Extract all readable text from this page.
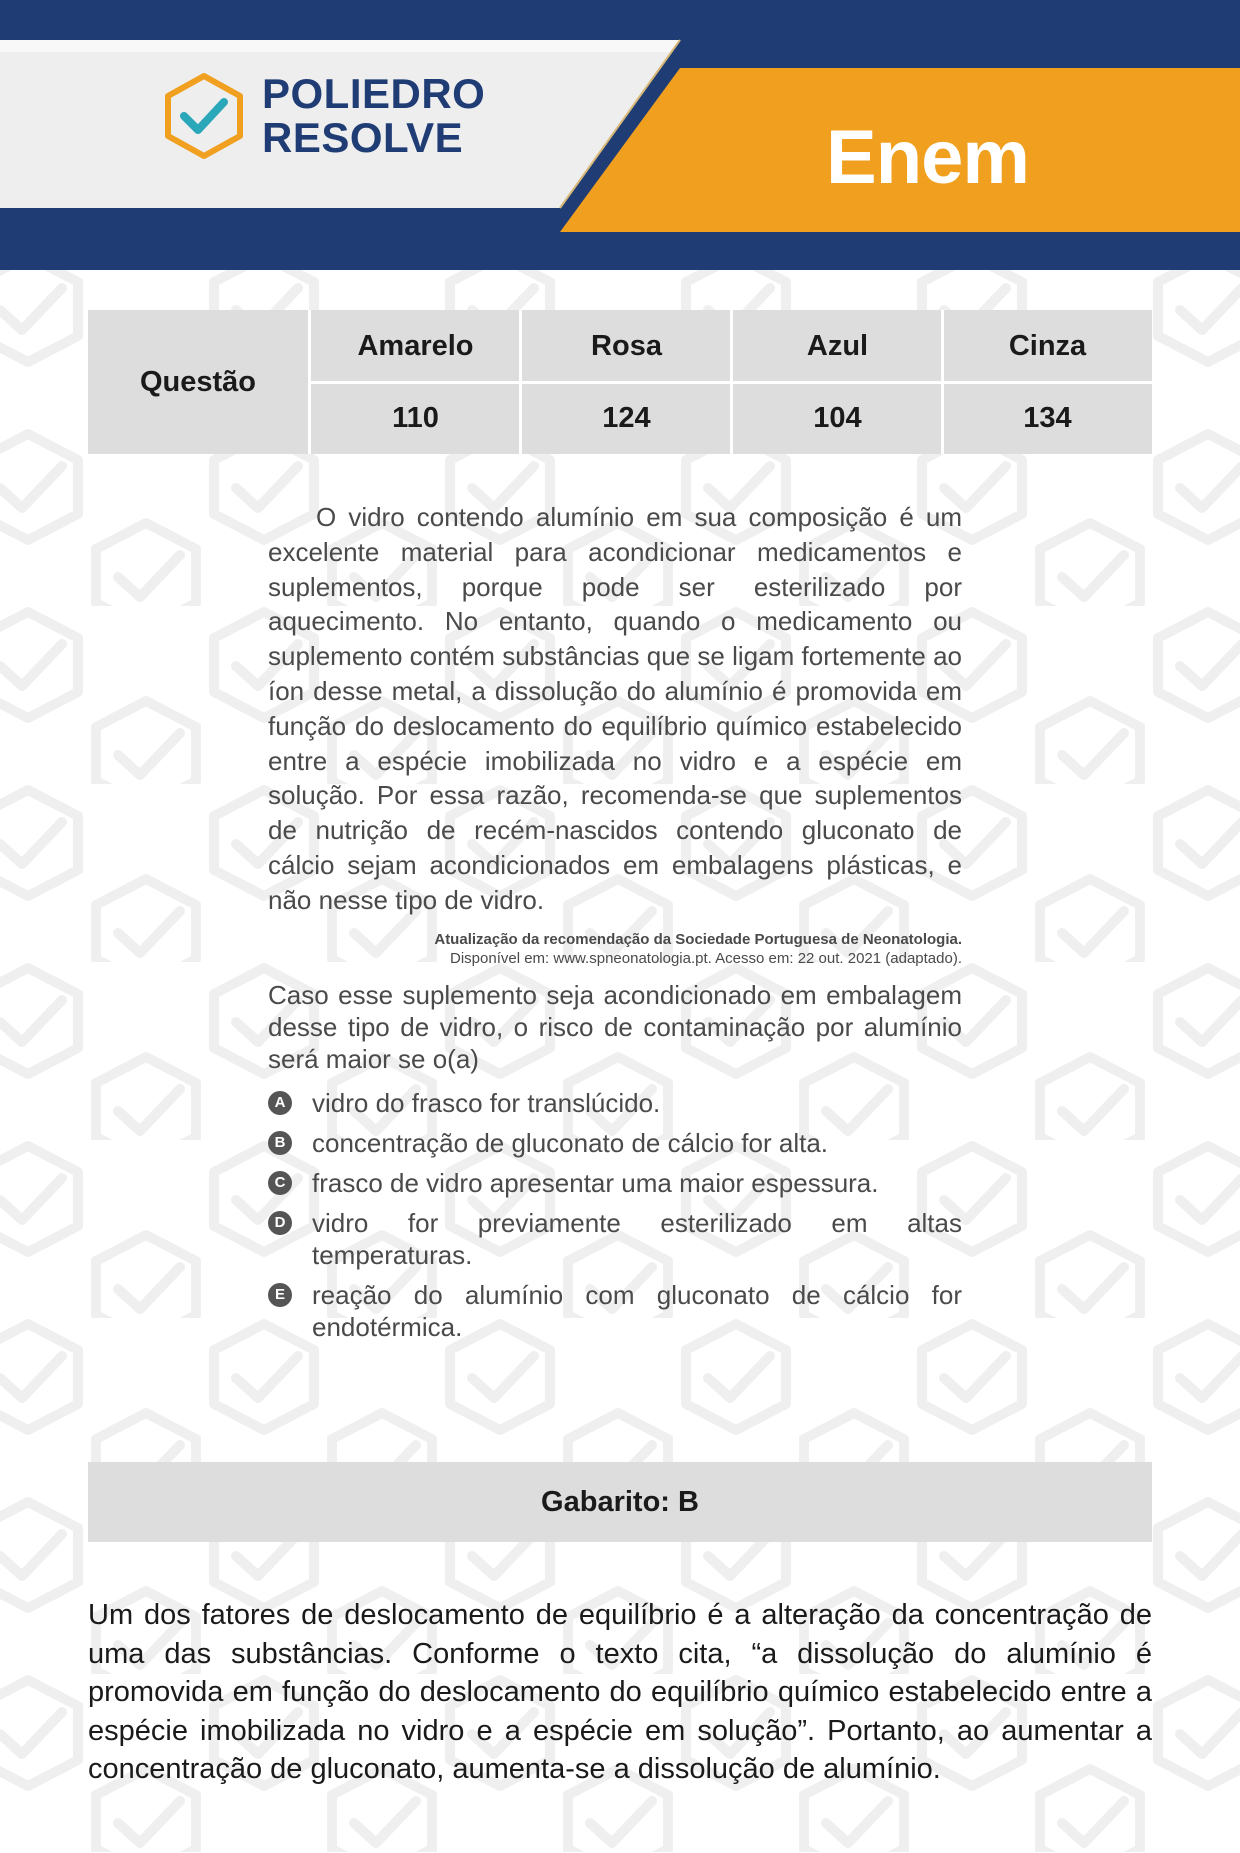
POLIEDRO
RESOLVE	Enem
Questão
Amarelo	Rosa	Azul	Cinza
110	124	104	134

O vidro contendo alumínio em sua composição é um excelente material para acondicionar medicamentos e suplementos, porque pode ser esterilizado por aquecimento. No entanto, quando o medicamento ou suplemento contém substâncias que se ligam fortemente ao íon desse metal, a dissolução do alumínio é promovida em função do deslocamento do equilíbrio químico estabelecido entre a espécie imobilizada no vidro e a espécie em solução. Por essa razão, recomenda-se que suplementos de nutrição de recém-nascidos contendo gluconato de cálcio sejam acondicionados em embalagens plásticas, e não nesse tipo de vidro.

Atualização da recomendação da Sociedade Portuguesa de Neonatologia.
Disponível em: www.spneonatologia.pt. Acesso em: 22 out. 2021 (adaptado).
Caso esse suplemento seja acondicionado em embalagem desse tipo de vidro, o risco de contaminação por alumínio será maior se o(a)
A vidro do frasco for translúcido.
B concentração de gluconato de cálcio for alta.
C frasco de vidro apresentar uma maior espessura.
D vidro for previamente esterilizado em altas temperaturas.
E reação do alumínio com gluconato de cálcio for endotérmica.
Gabarito: B

Um dos fatores de deslocamento de equilíbrio é a alteração da concentração de uma das substâncias. Conforme o texto cita, “a dissolução do alumínio é promovida em função do deslocamento do equilíbrio químico estabelecido entre a espécie imobilizada no vidro e a espécie em solução”. Portanto, ao aumentar a concentração de gluconato, aumenta-se a dissolução de alumínio.
